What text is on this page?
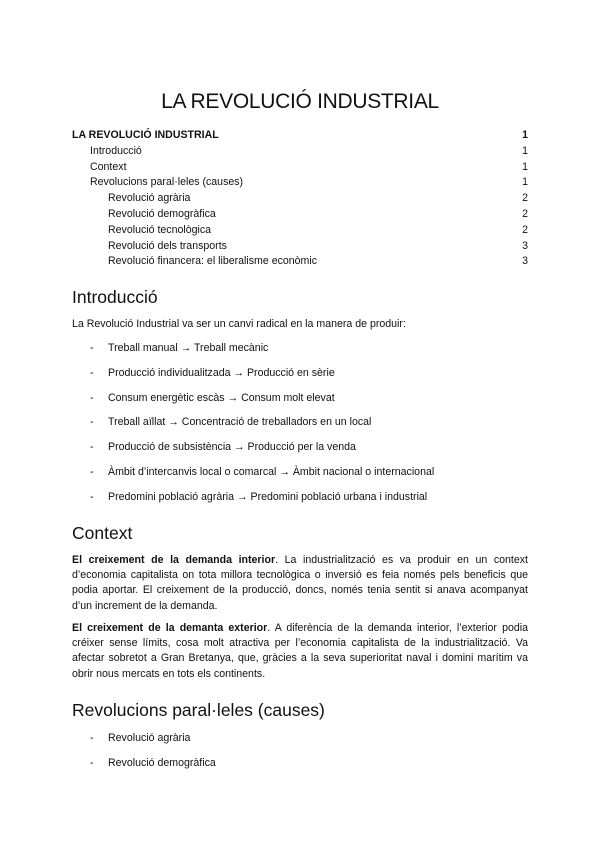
LA REVOLUCIÓ INDUSTRIAL
LA REVOLUCIÓ INDUSTRIAL	1
Introducció	1
Context	1
Revolucions paral·leles (causes)	1
Revolució agrària	2
Revolució demogràfica	2
Revolució tecnològica	2
Revolució dels transports	3
Revolució financera: el liberalisme econòmic	3
Introducció

La Revolució Industrial va ser un canvi radical en la manera de produir:

- Treball manual → Treball mecànic
- Producció individualitzada → Producció en sèrie
- Consum energètic escàs → Consum molt elevat
- Treball aïllat → Concentració de treballadors en un local
- Producció de subsistència → Producció per la venda
- Àmbit d’intercanvis local o comarcal → Àmbit nacional o internacional
- Predomini població agrària → Predomini població urbana i industrial
Context

El creixement de la demanda interior. La industrialització es va produir en un context d’economia capitalista on tota millora tecnològica o inversió es feia només pels beneficis que podia aportar. El creixement de la producció, doncs, només tenia sentit si anava acompanyat d’un increment de la demanda.

El creixement de la demanta exterior. A diferència de la demanda interior, l’exterior podia créixer sense límits, cosa molt atractiva per l’economia capitalista de la industrialització. Va afectar sobretot a Gran Bretanya, que, gràcies a la seva superioritat naval i domini marítim va obrir nous mercats en tots els continents.

Revolucions paral·leles (causes)
- Revolució agrària
- Revolució demogràfica
